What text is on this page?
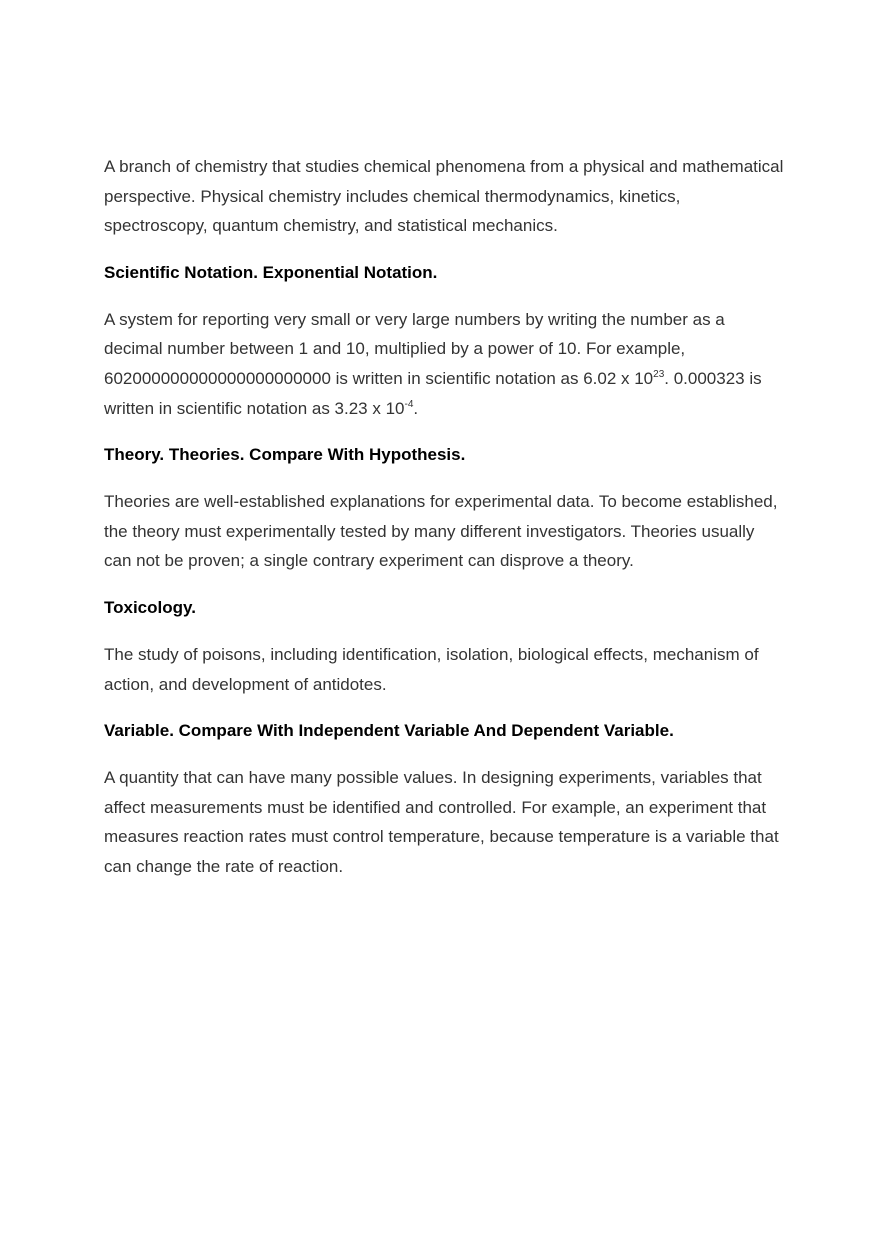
A branch of chemistry that studies chemical phenomena from a physical and mathematical perspective. Physical chemistry includes chemical thermodynamics, kinetics, spectroscopy, quantum chemistry, and statistical mechanics.

Scientific Notation. Exponential Notation.

A system for reporting very small or very large numbers by writing the number as a decimal number between 1 and 10, multiplied by a power of 10. For example, 602000000000000000000000 is written in scientific notation as 6.02 x $10^{23}$. 0.000323 is written in scientific notation as 3.23 x $10^{-4}$.

Theory. Theories. Compare With Hypothesis.

Theories are well-established explanations for experimental data. To become established, the theory must experimentally tested by many different investigators. Theories usually can not be proven; a single contrary experiment can disprove a theory.

Toxicology.

The study of poisons, including identification, isolation, biological effects, mechanism of action, and development of antidotes.

Variable. Compare With Independent Variable And Dependent Variable.

A quantity that can have many possible values. In designing experiments, variables that affect measurements must be identified and controlled. For example, an experiment that measures reaction rates must control temperature, because temperature is a variable that can change the rate of reaction.
